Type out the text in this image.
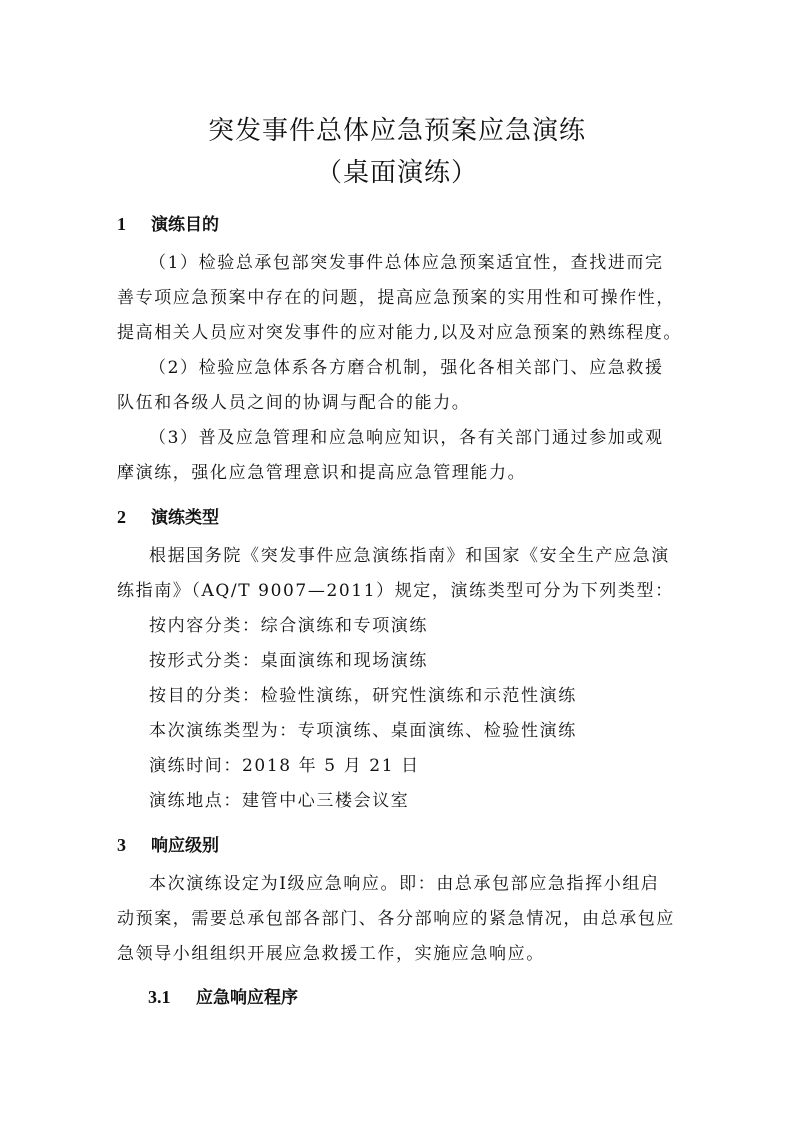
突发事件总体应急预案应急演练
（桌面演练）
1 演练目的
（1）检验总承包部突发事件总体应急预案适宜性，查找进而完
善专项应急预案中存在的问题，提高应急预案的实用性和可操作性，
提高相关人员应对突发事件的应对能力,以及对应急预案的熟练程度。
（2）检验应急体系各方磨合机制，强化各相关部门、应急救援
队伍和各级人员之间的协调与配合的能力。
（3）普及应急管理和应急响应知识，各有关部门通过参加或观
摩演练，强化应急管理意识和提高应急管理能力。
2 演练类型
根据国务院《突发事件应急演练指南》和国家《安全生产应急演
练指南》（AQ/T 9007—2011）规定，演练类型可分为下列类型：
按内容分类：综合演练和专项演练
按形式分类：桌面演练和现场演练
按目的分类：检验性演练，研究性演练和示范性演练
本次演练类型为：专项演练、桌面演练、检验性演练
演练时间：2018 年 5 月 21 日
演练地点：建管中心三楼会议室
3 响应级别
本次演练设定为Ⅰ级应急响应。即：由总承包部应急指挥小组启
动预案，需要总承包部各部门、各分部响应的紧急情况，由总承包应
急领导小组组织开展应急救援工作，实施应急响应。
3.1 应急响应程序
